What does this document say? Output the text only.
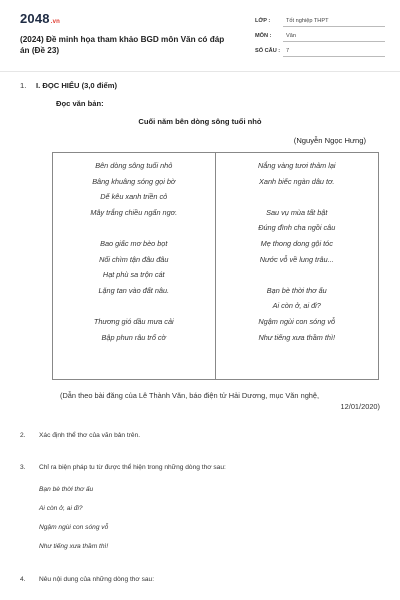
2048.vn
(2024) Đề minh họa tham khảo BGD môn Văn có đáp án (Đề 23)
LỚP :	Tốt nghiệp THPT
MÔN :	Văn
SỐ CÂU :	7
1. I. ĐỌC HIỂU (3,0 điểm)
Đọc văn bản:
Cuối năm bên dòng sông tuổi nhỏ
(Nguyễn Ngọc Hưng)
Bên dòng sông tuổi nhỏ
Bâng khuâng sóng gọi bờ
Dế kêu xanh triền cỏ
Mây trắng chiều ngẩn ngơ.
Bao giấc mơ bèo bọt
Nổi chìm tận đâu đâu
Hạt phù sa trộn cát
Lặng tan vào đất nâu.
Thương gió dầu mưa cải
Bập phun râu trổ cờ
Nắng vàng tươi thảm lại
Xanh biếc ngàn dâu tơ.
Sau vụ mùa tất bật
Đúng đình cha ngồi câu
Mẹ thong dong gội tóc
Nước vỗ về lung trâu...
Bạn bè thời thơ ấu
Ai còn ở, ai đi?
Ngậm ngùi con sóng vỗ
Như tiếng xưa thầm thì!
(Dẫn theo bài đăng của Lê Thành Văn, báo điện tử Hải Dương, mục Văn nghệ,
12/01/2020)
2. Xác định thể thơ của văn bản trên.
3. Chỉ ra biện pháp tu từ được thể hiện trong những dòng thơ sau:
Bạn bè thời thơ ấu
Ai còn ở, ai đi?
Ngậm ngùi con sóng vỗ
Như tiếng xưa thầm thì!
4. Nêu nội dung của những dòng thơ sau:
